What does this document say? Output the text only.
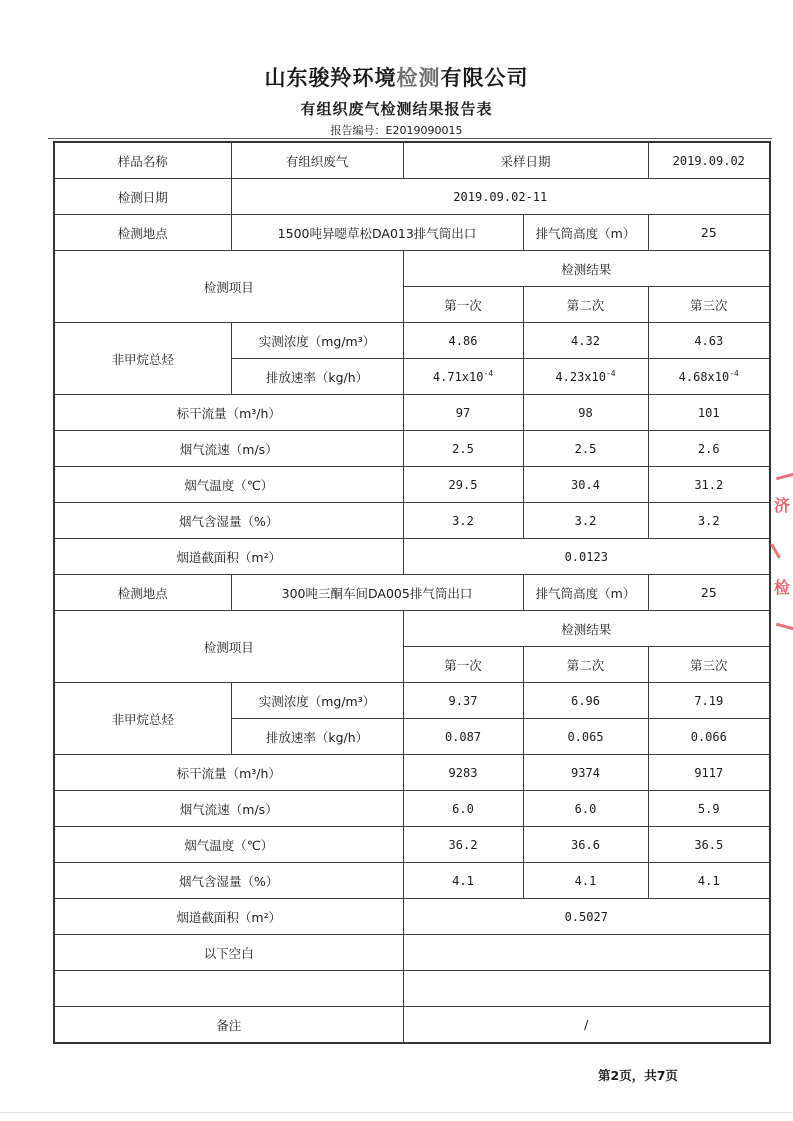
山东骏羚环境检测有限公司
有组织废气检测结果报告表
报告编号：E2019090015
样品名称	有组织废气	采样日期		2019.09.02
检测日期	2019.09.02-11			
检测地点	1500吨异噁草松DA013排气筒出口		排气筒高度（m）	25
检测项目		检测结果		
		第一次	第二次	第三次
非甲烷总烃	实测浓度（mg/m³）	4.86	4.32	4.63
	排放速率（kg/h）	$4.71x10^{-4}$	$4.23x10^{-4}$	$4.68x10^{-4}$
标干流量（m³/h）		97	98	101
烟气流速（m/s）		2.5	2.5	2.6
烟气温度（℃）		29.5	30.4	31.2
烟气含湿量（%）		3.2	3.2	3.2
烟道截面积（m²）		0.0123		
检测地点	300吨三酮车间DA005排气筒出口		排气筒高度（m）	25
检测项目		检测结果		
		第一次	第二次	第三次
非甲烷总烃	实测浓度（mg/m³）	9.37	6.96	7.19
	排放速率（kg/h）	0.087	0.065	0.066
标干流量（m³/h）		9283	9374	9117
烟气流速（m/s）		6.0	6.0	5.9
烟气温度（℃）		36.2	36.6	36.5
烟气含湿量（%）		4.1	4.1	4.1
烟道截面积（m²）		0.5027		
以下空白				

备注		/		
济
检
第2页，共7页
